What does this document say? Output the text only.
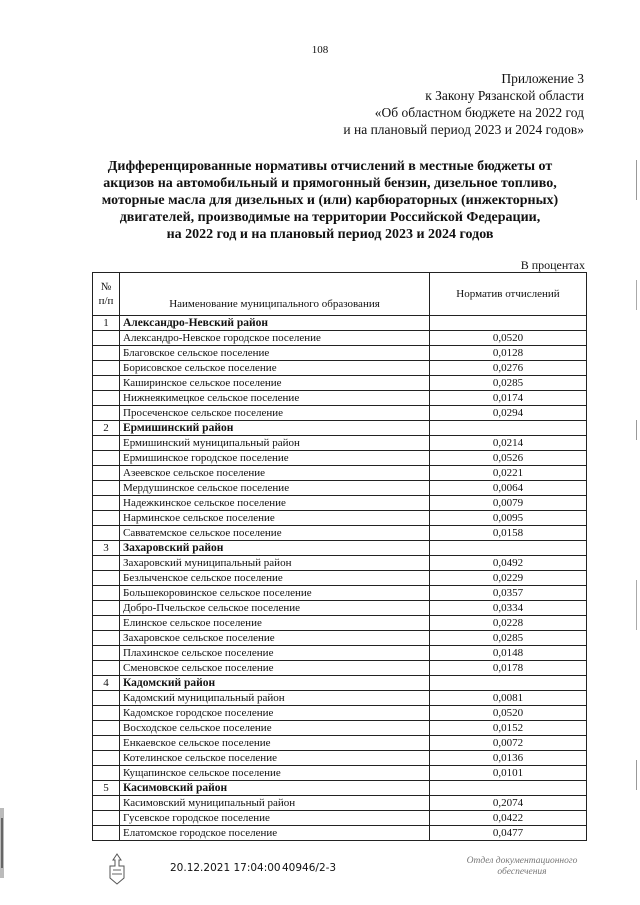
108
Приложение 3
к Закону Рязанской области
«Об областном бюджете на 2022 год
и на плановый период 2023 и 2024 годов»
Дифференцированные нормативы отчислений в местные бюджеты от
акцизов на автомобильный и прямогонный бензин, дизельное топливо,
моторные масла для дизельных и (или) карбюраторных (инжекторных)
двигателей, производимые на территории Российской Федерации,
на 2022 год и на плановый период 2023 и 2024 годов
В процентах
№
п/п	Наименование муниципального образования	Норматив отчислений
1	Александро-Невский район	
	Александро-Невское городское поселение	0,0520
	Благовское сельское поселение	0,0128
	Борисовское сельское поселение	0,0276
	Каширинское сельское поселение	0,0285
	Нижнеякимецкое сельское поселение	0,0174
	Просеченское сельское поселение	0,0294
2	Ермишинский район	
	Ермишинский муниципальный район	0,0214
	Ермишинское городское поселение	0,0526
	Азеевское сельское поселение	0,0221
	Мердушинское сельское поселение	0,0064
	Надежкинское сельское поселение	0,0079
	Нарминское сельское поселение	0,0095
	Савватемское сельское поселение	0,0158
3	Захаровский район	
	Захаровский муниципальный район	0,0492
	Безлыченское сельское поселение	0,0229
	Большекоровинское сельское поселение	0,0357
	Добро-Пчельское сельское поселение	0,0334
	Елинское сельское поселение	0,0228
	Захаровское сельское поселение	0,0285
	Плахинское сельское поселение	0,0148
	Сменовское сельское поселение	0,0178
4	Кадомский район	
	Кадомский муниципальный район	0,0081
	Кадомское городское поселение	0,0520
	Восходское сельское поселение	0,0152
	Енкаевское сельское поселение	0,0072
	Котелинское сельское поселение	0,0136
	Кущапинское сельское поселение	0,0101
5	Касимовский район	
	Касимовский муниципальный район	0,2074
	Гусевское городское поселение	0,0422
	Елатомское городское поселение	0,0477
20.12.2021 17:04:00 40946/2-3
Отдел документационного
обеспечения
